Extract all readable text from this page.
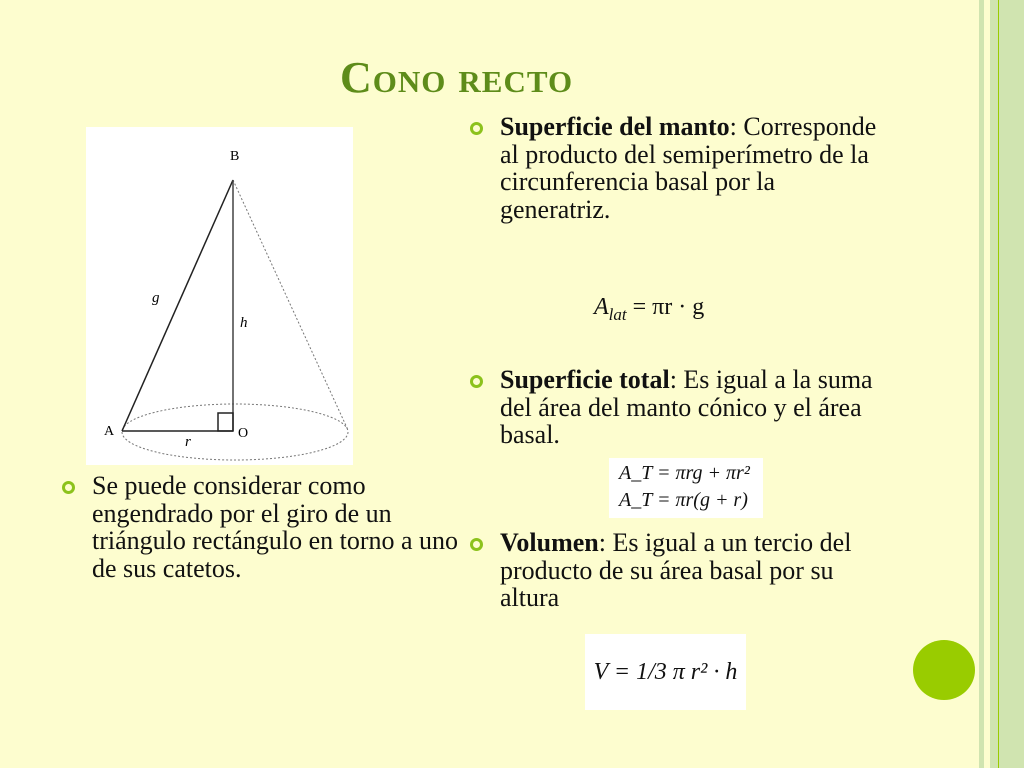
Cono recto
B
A	O
g
h
r
Se puede considerar como engendrado por el giro de un triángulo rectángulo en torno a uno de sus catetos.
Superficie del manto: Corresponde al producto del semiperímetro de la circunferencia basal por la generatriz.
$A_{lat} = \pi r \cdot g$
Superficie total: Es igual a la suma del área del manto cónico y el área basal.
A_T = πrg + πr²
A_T = πr(g + r)
Volumen: Es igual a un tercio del producto de su área basal por su altura
V = 1/3 π r² · h
